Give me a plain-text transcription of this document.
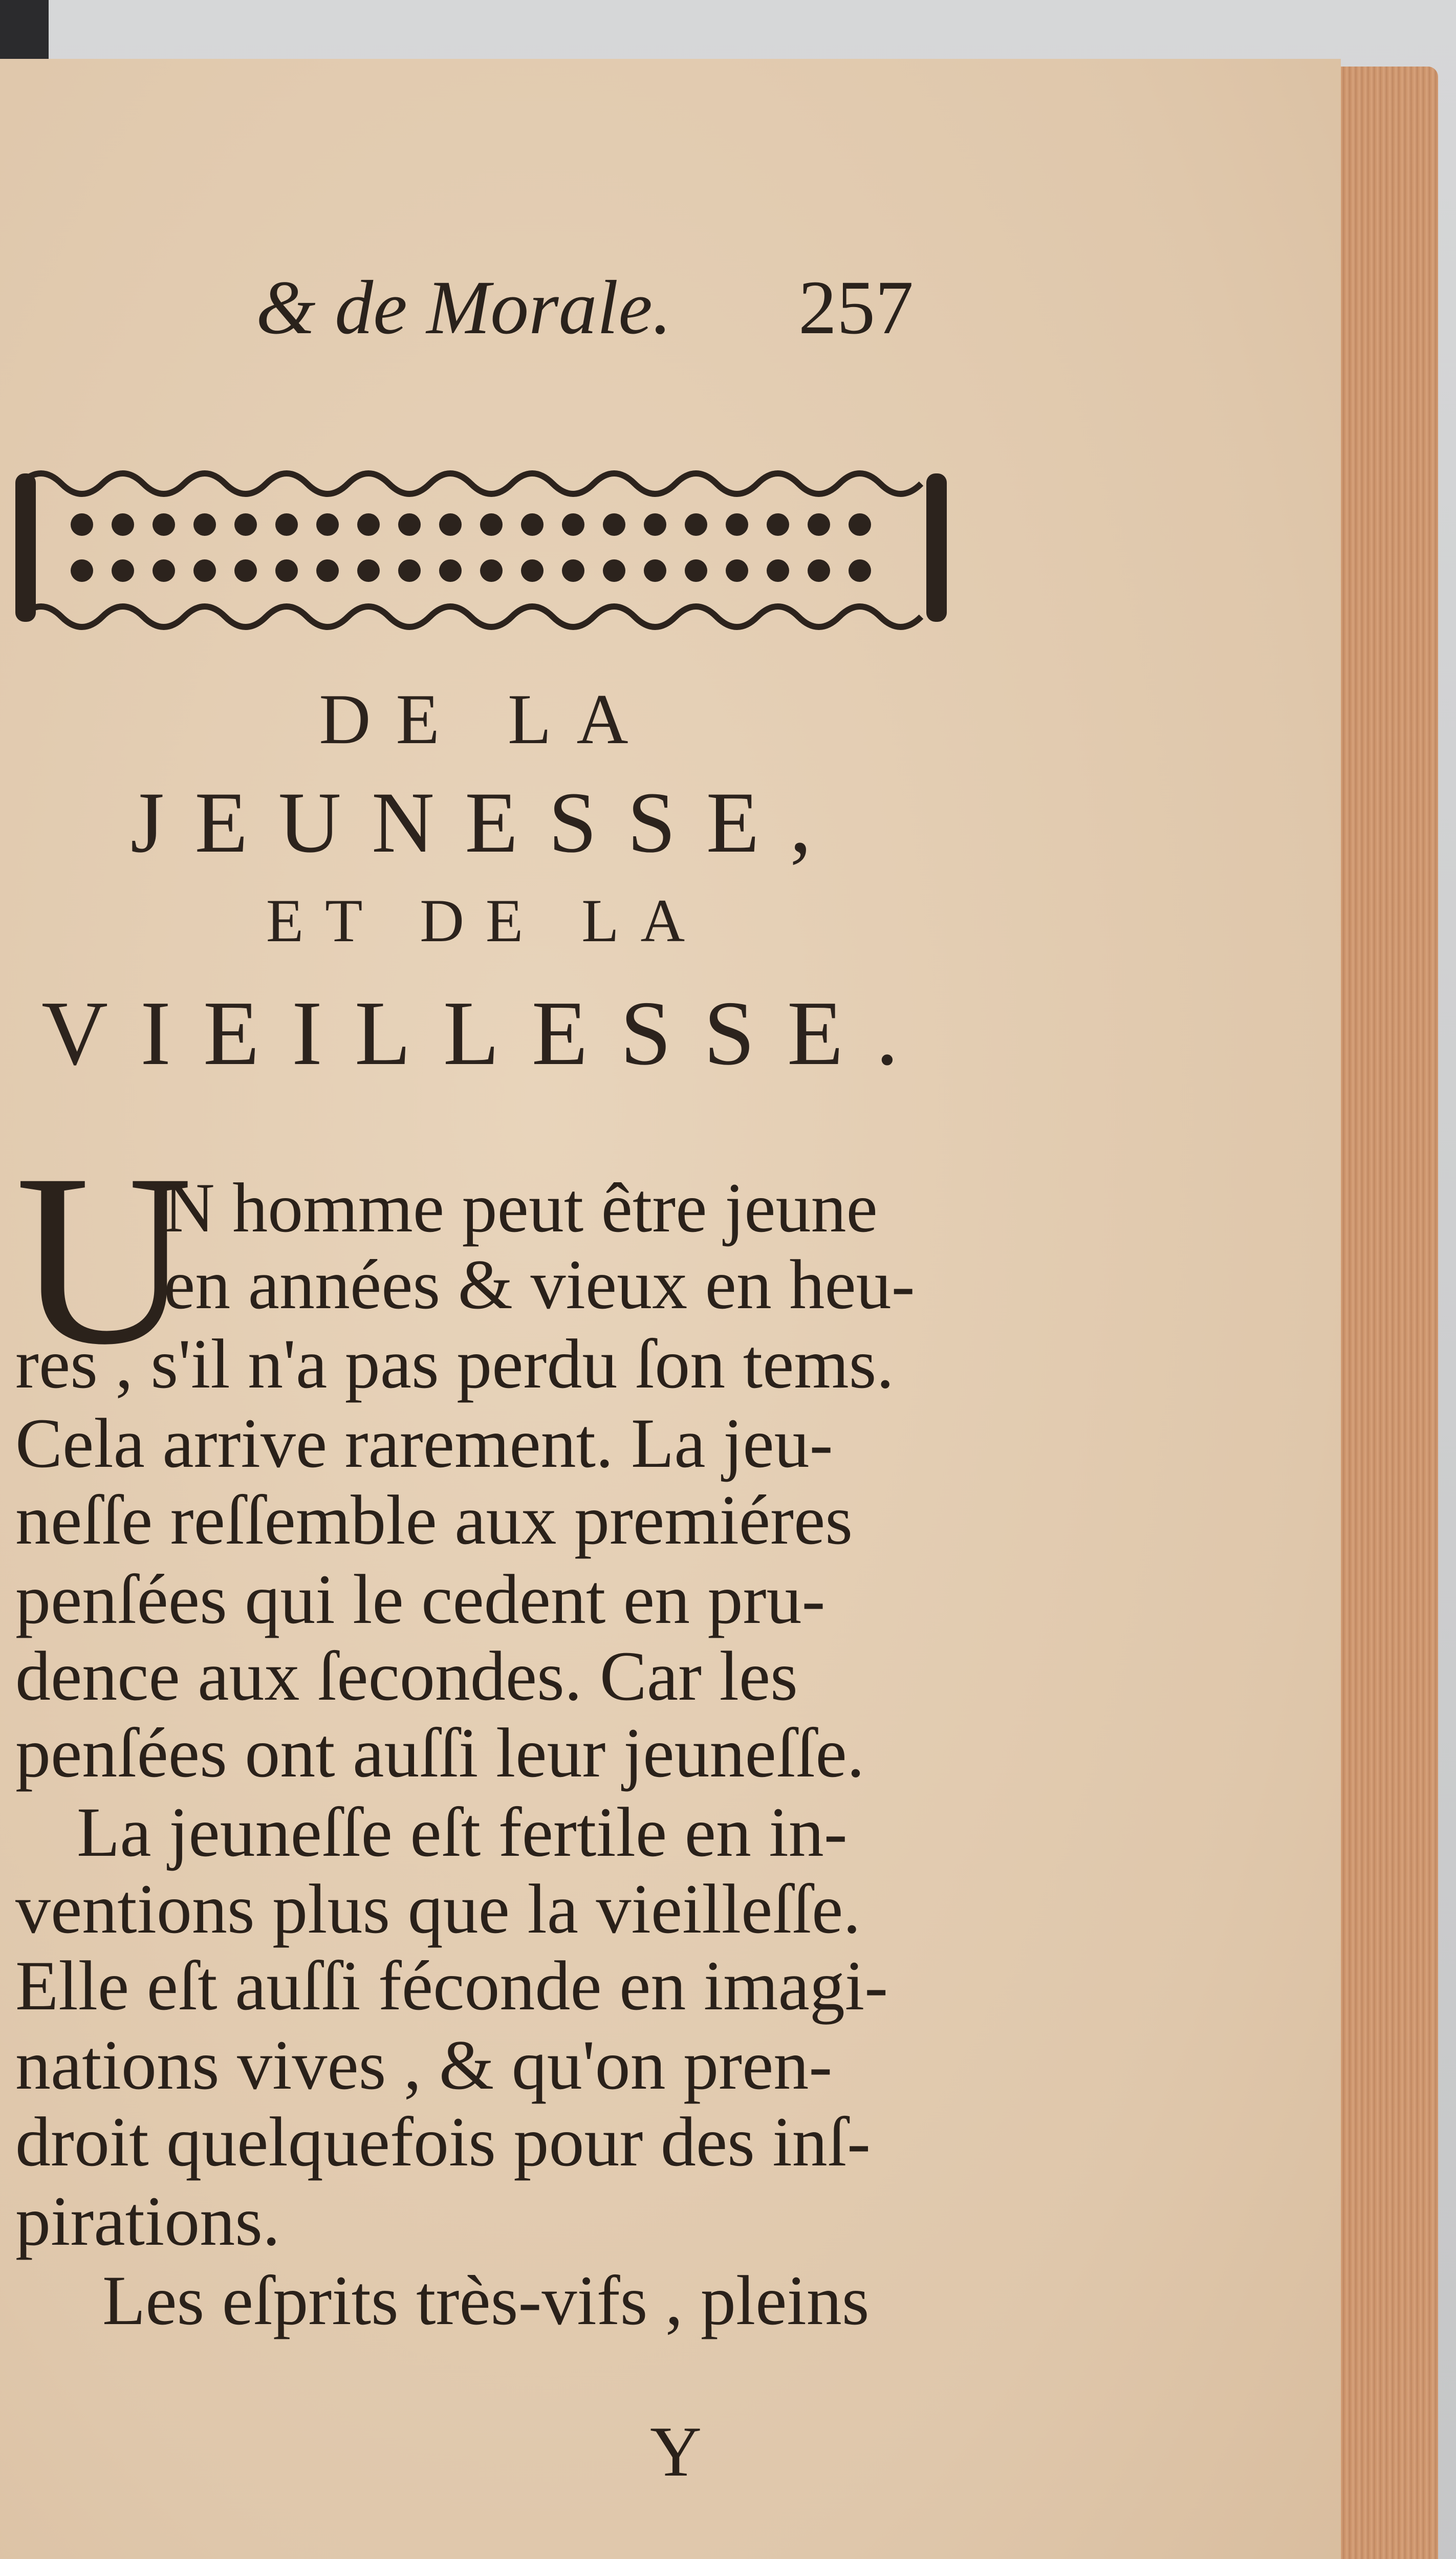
& de Morale. 257
DE LA
JEUNESSE,
ET DE LA
VIEILLESSE.
U
N homme peut être jeune
en années & vieux en heu-
res , s'il n'a pas perdu ſon tems.
Cela arrive rarement. La jeu-
neſſe reſſemble aux premiéres
penſées qui le cedent en pru-
dence aux ſecondes. Car les
penſées ont auſſi leur jeuneſſe.
La jeuneſſe eſt fertile en in-
ventions plus que la vieilleſſe.
Elle eſt auſſi féconde en imagi-
nations vives , & qu'on pren-
droit quelquefois pour des inſ-
pirations.
Les eſprits très-vifs , pleins
Y
